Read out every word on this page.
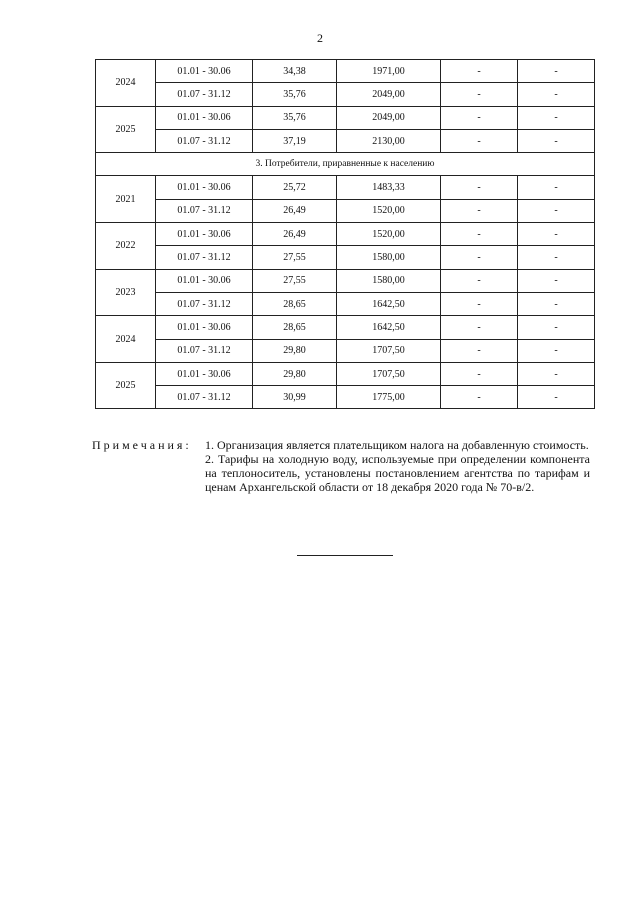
2
2024	01.01 - 30.06	34,38	1971,00	-	-
	01.07 - 31.12	35,76	2049,00	-	-
2025	01.01 - 30.06	35,76	2049,00	-	-
	01.07 - 31.12	37,19	2130,00	-	-
3. Потребители, приравненные к населению					
2021	01.01 - 30.06	25,72	1483,33	-	-
	01.07 - 31.12	26,49	1520,00	-	-
2022	01.01 - 30.06	26,49	1520,00	-	-
	01.07 - 31.12	27,55	1580,00	-	-
2023	01.01 - 30.06	27,55	1580,00	-	-
	01.07 - 31.12	28,65	1642,50	-	-
2024	01.01 - 30.06	28,65	1642,50	-	-
	01.07 - 31.12	29,80	1707,50	-	-
2025	01.01 - 30.06	29,80	1707,50	-	-
	01.07 - 31.12	30,99	1775,00	-	-
Примечания: 1. Организация является плательщиком налога на добавленную стоимость.

2. Тарифы на холодную воду, используемые при определении компонента на теплоноситель, установлены постановлением агентства по тарифам и ценам Архангельской области от 18 декабря 2020 года № 70-в/2.
